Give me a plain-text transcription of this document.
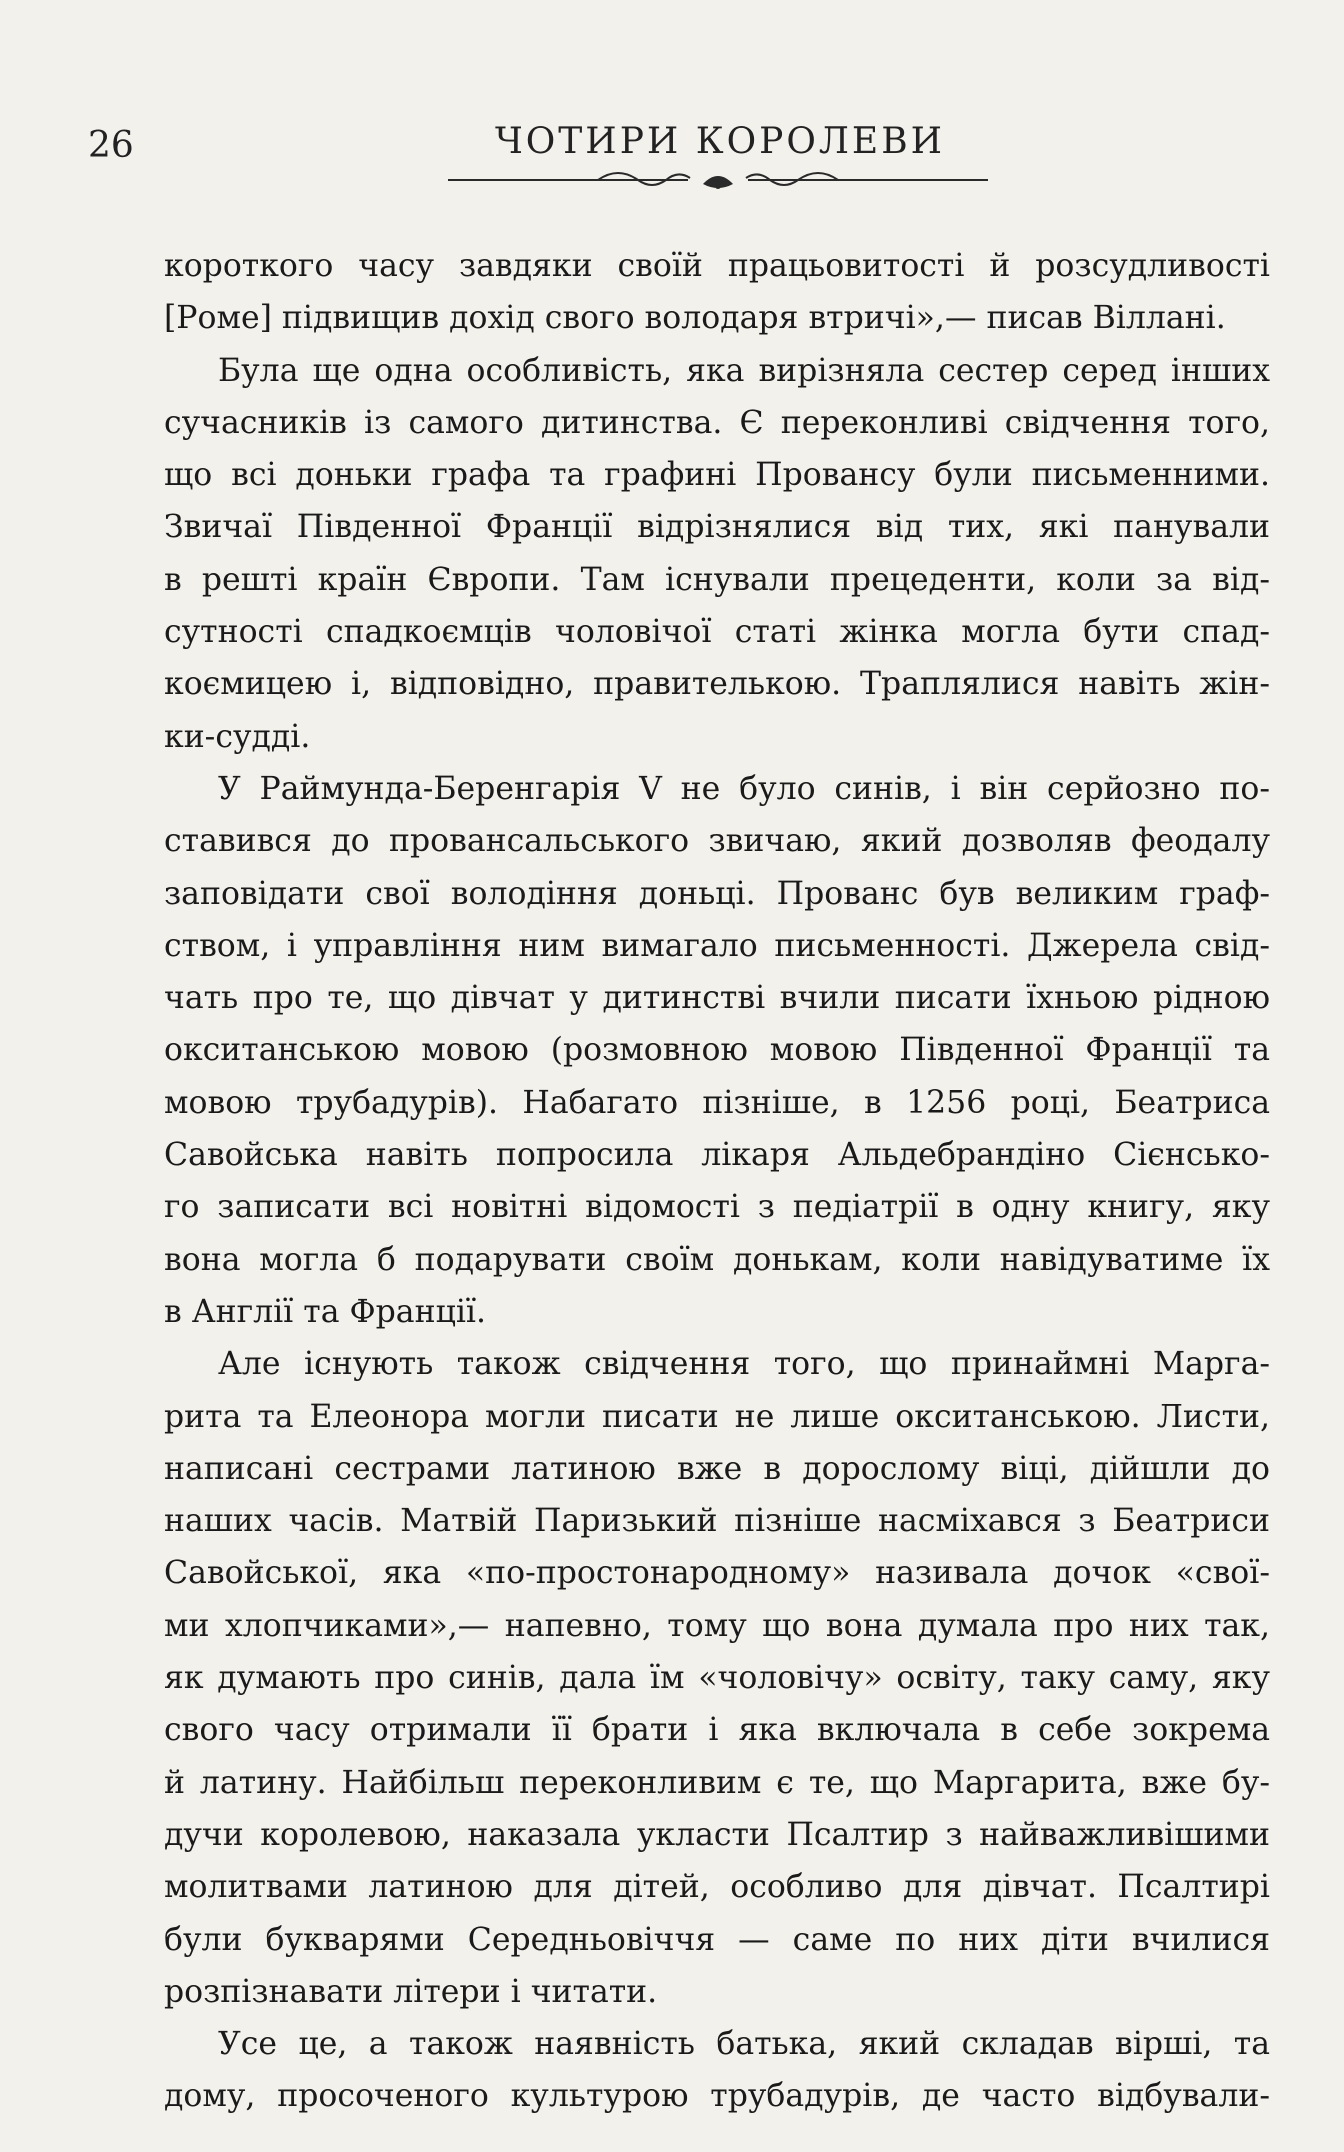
26	ЧОТИРИ КОРОЛЕВИ
короткого часу завдяки своїй працьовитості й розсудливості
[Роме] підвищив дохід свого володаря втричі»,— писав Віллані.
Була ще одна особливість, яка вирізняла сестер серед інших
сучасників із самого дитинства. Є переконливі свідчення того,
що всі доньки графа та графині Провансу були письменними.
Звичаї Південної Франції відрізнялися від тих, які панували
в решті країн Європи. Там існували прецеденти, коли за від-
сутності спадкоємців чоловічої статі жінка могла бути спад-
коємицею і, відповідно, правителькою. Траплялися навіть жін-
ки-судді.
У Раймунда-Беренгарія V не було синів, і він серйозно по-
ставився до провансальського звичаю, який дозволяв феодалу
заповідати свої володіння доньці. Прованс був великим граф-
ством, і управління ним вимагало письменності. Джерела свід-
чать про те, що дівчат у дитинстві вчили писати їхньою рідною
окситанською мовою (розмовною мовою Південної Франції та
мовою трубадурів). Набагато пізніше, в 1256 році, Беатриса
Савойська навіть попросила лікаря Альдебрандіно Сієнсько-
го записати всі новітні відомості з педіатрії в одну книгу, яку
вона могла б подарувати своїм донькам, коли навідуватиме їх
в Англії та Франції.
Але існують також свідчення того, що принаймні Марга-
рита та Елеонора могли писати не лише окситанською. Листи,
написані сестрами латиною вже в дорослому віці, дійшли до
наших часів. Матвій Паризький пізніше насміхався з Беатриси
Савойської, яка «по-простонародному» називала дочок «свої-
ми хлопчиками»,— напевно, тому що вона думала про них так,
як думають про синів, дала їм «чоловічу» освіту, таку саму, яку
свого часу отримали її брати і яка включала в себе зокрема
й латину. Найбільш переконливим є те, що Маргарита, вже бу-
дучи королевою, наказала укласти Псалтир з найважливішими
молитвами латиною для дітей, особливо для дівчат. Псалтирі
були букварями Середньовіччя — саме по них діти вчилися
розпізнавати літери і читати.
Усе це, а також наявність батька, який складав вірші, та
дому, просоченого культурою трубадурів, де часто відбували-
